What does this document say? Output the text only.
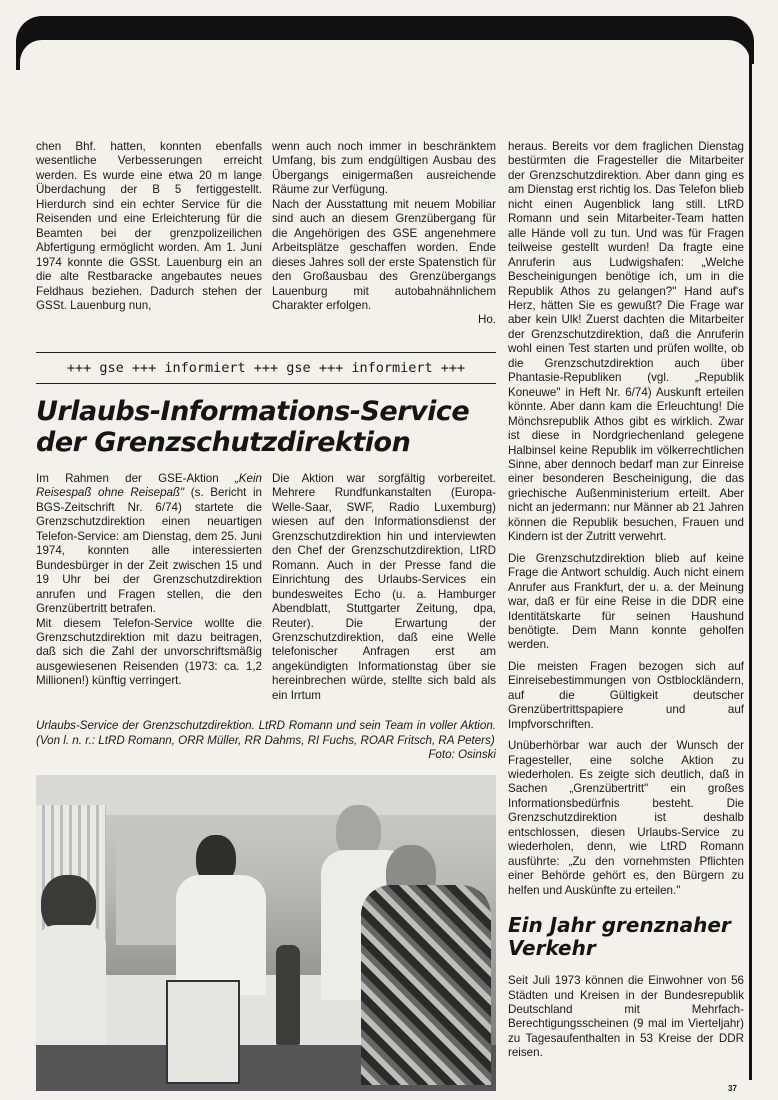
chen Bhf. hatten, konnten ebenfalls wesentliche Verbesserungen erreicht werden. Es wurde eine etwa 20 m lange Überdachung der B 5 fertiggestellt. Hierdurch sind ein echter Service für die Reisenden und eine Erleichterung für die Beamten bei der grenzpolizeilichen Abfertigung ermöglicht worden. Am 1. Juni 1974 konnte die GSSt. Lauenburg ein an die alte Restbaracke angebautes neues Feldhaus beziehen. Dadurch stehen der GSSt. Lauenburg nun,

wenn auch noch immer in beschränktem Umfang, bis zum endgültigen Ausbau des Übergangs einigermaßen ausreichende Räume zur Verfügung.

Nach der Ausstattung mit neuem Mobiliar sind auch an diesem Grenzübergang für die Angehörigen des GSE angenehmere Arbeitsplätze geschaffen worden. Ende dieses Jahres soll der erste Spatenstich für den Großausbau des Grenzübergangs Lauenburg mit autobahnähnlichem Charakter erfolgen.

Ho.
+++ gse +++ informiert +++ gse +++ informiert +++
Urlaubs-Informations-Service der Grenzschutzdirektion

Im Rahmen der GSE-Aktion „Kein Reisespaß ohne Reisepaß" (s. Bericht in BGS-Zeitschrift Nr. 6/74) startete die Grenzschutzdirektion einen neuartigen Telefon-Service: am Dienstag, dem 25. Juni 1974, konnten alle interessierten Bundesbürger in der Zeit zwischen 15 und 19 Uhr bei der Grenzschutzdirektion anrufen und Fragen stellen, die den Grenzübertritt betrafen.

Mit diesem Telefon-Service wollte die Grenzschutzdirektion mit dazu beitragen, daß sich die Zahl der unvorschriftsmäßig ausgewiesenen Reisenden (1973: ca. 1,2 Millionen!) künftig verringert.

Die Aktion war sorgfältig vorbereitet. Mehrere Rundfunkanstalten (Europa-Welle-Saar, SWF, Radio Luxemburg) wiesen auf den Informationsdienst der Grenzschutzdirektion hin und interviewten den Chef der Grenzschutzdirektion, LtRD Romann. Auch in der Presse fand die Einrichtung des Urlaubs-Services ein bundesweites Echo (u. a. Hamburger Abendblatt, Stuttgarter Zeitung, dpa, Reuter). Die Erwartung der Grenzschutzdirektion, daß eine Welle telefonischer Anfragen erst am angekündigten Informationstag über sie hereinbrechen würde, stellte sich bald als ein Irrtum

Urlaubs-Service der Grenzschutzdirektion. LtRD Romann und sein Team in voller Aktion. (Von l. n. r.: LtRD Romann, ORR Müller, RR Dahms, RI Fuchs, ROAR Fritsch, RA Peters)
Foto: Osinski

heraus. Bereits vor dem fraglichen Dienstag bestürmten die Fragesteller die Mitarbeiter der Grenzschutzdirektion. Aber dann ging es am Dienstag erst richtig los. Das Telefon blieb nicht einen Augenblick lang still. LtRD Romann und sein Mitarbeiter-Team hatten alle Hände voll zu tun. Und was für Fragen teilweise gestellt wurden! Da fragte eine Anruferin aus Ludwigshafen: „Welche Bescheinigungen benötige ich, um in die Republik Athos zu gelangen?" Hand auf's Herz, hätten Sie es gewußt? Die Frage war aber kein Ulk! Zuerst dachten die Mitarbeiter der Grenzschutzdirektion, daß die Anruferin wohl einen Test starten und prüfen wollte, ob die Grenzschutzdirektion auch über Phantasie-Republiken (vgl. „Republik Koneuwe" in Heft Nr. 6/74) Auskunft erteilen könnte. Aber dann kam die Erleuchtung! Die Mönchsrepublik Athos gibt es wirklich. Zwar ist diese in Nordgriechenland gelegene Halbinsel keine Republik im völkerrechtlichen Sinne, aber dennoch bedarf man zur Einreise einer besonderen Bescheinigung, die das griechische Außenministerium erteilt. Aber nicht an jedermann: nur Männer ab 21 Jahren können die Republik besuchen, Frauen und Kindern ist der Zutritt verwehrt.

Die Grenzschutzdirektion blieb auf keine Frage die Antwort schuldig. Auch nicht einem Anrufer aus Frankfurt, der u. a. der Meinung war, daß er für eine Reise in die DDR eine Identitätskarte für seinen Haushund benötigte. Dem Mann konnte geholfen werden.

Die meisten Fragen bezogen sich auf Einreisebestimmungen von Ostblockländern, auf die Gültigkeit deutscher Grenzübertrittspapiere und auf Impfvorschriften.

Unüberhörbar war auch der Wunsch der Fragesteller, eine solche Aktion zu wiederholen. Es zeigte sich deutlich, daß in Sachen „Grenzübertritt" ein großes Informationsbedürfnis besteht. Die Grenzschutzdirektion ist deshalb entschlossen, diesen Urlaubs-Service zu wiederholen, denn, wie LtRD Romann ausführte: „Zu den vornehmsten Pflichten einer Behörde gehört es, den Bürgern zu helfen und Auskünfte zu erteilen."

Ein Jahr grenznaher Verkehr

Seit Juli 1973 können die Einwohner von 56 Städten und Kreisen in der Bundesrepublik Deutschland mit Mehrfach-Berechtigungsscheinen (9 mal im Vierteljahr) zu Tagesaufenthalten in 53 Kreise der DDR reisen.

37
